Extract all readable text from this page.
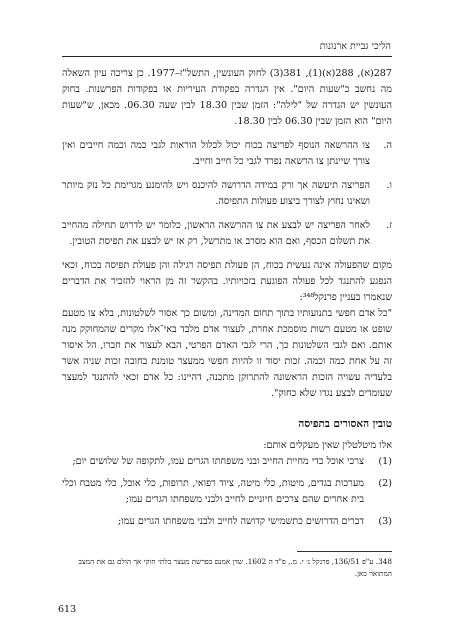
הליכי גביית ארנונות

287(א), 288(א)(1), 381(3) לחוק העונשין, התשל"ז–1977. כן צריכה עיון השאלה מה נחשב כ"שעות היום". אין הגדרה בפקודת העיריות או בפקודות הפרשנות. בחוק העונשין יש הגדרה של "לילה": הזמן שבין 18.30 לבין שעה 06.30. מכאן, ש"שעות היום" הוא הזמן שבין 06.30 לבין 18.30.

ה.
צו ההרשאה הנוסף לפריצה בכוח יכול לכלול הוראות לגבי כמה וכמה חייבים ואין צורך שיינתן צו הרשאה נפרד לגבי כל חייב וחייב.
ו.
הפריצה תיעשה אך ורק במידה הדרושה להיכנס ויש להימנע מגרימת כל נזק מיותר ושאינו נחוץ לצורך ביצוע פעולות התפיסה.
ז.
לאחר הפריצה יש לבצע את צו ההרשאה הראשון, כלומר יש לדרוש תחילה מהחייב את תשלום הכסף, ואם הוא מסרב או מתרשל, רק אז יש לבצע את תפיסת הטובין.

מקום שהפעולה אינה נעשית בכוח, הן פעולת תפיסה רגילה והן פעולת תפיסה בכוח, זכאי הנפגע להתנגד לכל פעולה הפוגעת בזכויותיו. בהקשר זה מן הראוי להזכיר את הדברים שנאמרו בעניין פרנקל³⁴⁸:

"כל אדם חפשי בתנועותיו בתוך תחום המדינה, ומשום כך אסור לשלטונות, בלא צו מטעם שופט או מטעם רשות מוסמכת אחרת, לעצור אדם מלבד באי־אלו מקרים שהמחוקק מנה אותם. ואם לגבי השלטונות כך, הרי לגבי האדם הפרטי, הבא לעצור את חברו, הל איסור זה על אחת כמה וכמה. זכות יסוד זו להיות חפשי ממעצר טומנת בחובה זכות שניה אשר בלעדיה עשויה הזכות הראשונה להתרוקן מתכנה, דהיינו: כל אדם זכאי להתנגד למעצר שעומדים לבצע נגדו שלא כחוק".

טובין האסורים בתפיסה

אלו מיטלטלין שאין מעקלים אותם:

(1)
צרכי אוכל כדי מחיית החייב ובני משפחתו הגרים עמו, לתקופה של שלושים יום;
(2)
מערכות בגדים, מיטות, כלי מיטה, ציוד רפואי, תרופות, כלי אוכל, כלי מטבח וכלי בית אחרים שהם צרכים חיוניים לחייב ולבני משפחתו הגרים עמו;
(3)
דברים הדרושים כתשמישי קדושה לחייב ולבני משפחתו הגרים עמו;
348. ע"פ 136/51, פרנקל נ׳ י. מ., פ"ד ה 1602. שדן אמנם בפרשת מעצר בלתי חוקי אך הולם גם את המצב המתואר כאן.
613
